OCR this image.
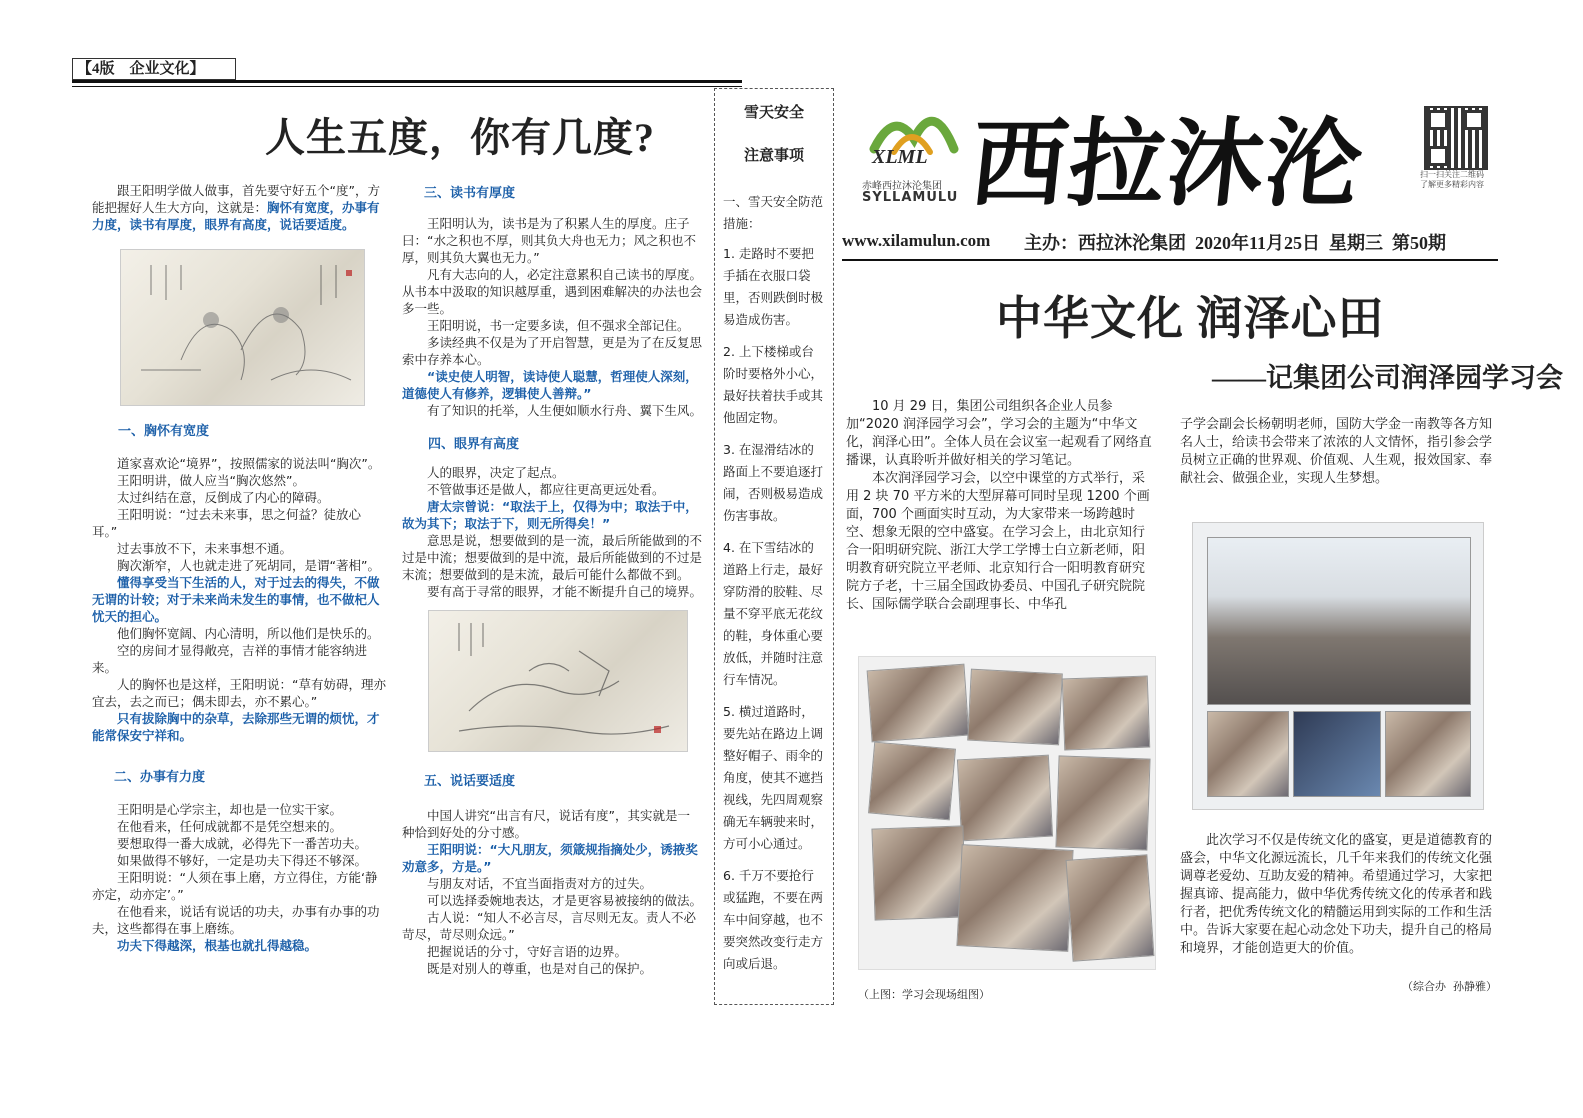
【4版　企业文化】
人生五度，你有几度?

跟王阳明学做人做事，首先要守好五个“度”，方能把握好人生大方向，这就是：胸怀有宽度，办事有力度，读书有厚度，眼界有高度，说话要适度。

一、胸怀有宽度

道家喜欢论“境界”，按照儒家的说法叫“胸次”。

王阳明讲，做人应当“胸次悠然”。

太过纠结在意，反倒成了内心的障碍。

王阳明说：“过去未来事，思之何益？徒放心耳。”

过去事放不下，未来事想不通。

胸次渐窄，人也就走进了死胡同，是谓“著相”。

懂得享受当下生活的人，对于过去的得失，不做无谓的计较；对于未来尚未发生的事情，也不做杞人忧天的担心。

他们胸怀宽阔、内心清明，所以他们是快乐的。

空的房间才显得敞亮，吉祥的事情才能容纳进来。

人的胸怀也是这样，王阳明说：“草有妨碍，理亦宜去，去之而已；偶未即去，亦不累心。”

只有拔除胸中的杂草，去除那些无谓的烦忧，才能常保安宁祥和。

二、办事有力度

王阳明是心学宗主，却也是一位实干家。

在他看来，任何成就都不是凭空想来的。

要想取得一番大成就，必得先下一番苦功夫。

如果做得不够好，一定是功夫下得还不够深。

王阳明说：“人须在事上磨，方立得住，方能‘静亦定，动亦定’。”

在他看来，说话有说话的功夫，办事有办事的功夫，这些都得在事上磨练。

功夫下得越深，根基也就扎得越稳。

三、读书有厚度

王阳明认为，读书是为了积累人生的厚度。庄子曰：“水之积也不厚，则其负大舟也无力；风之积也不厚，则其负大翼也无力。”

凡有大志向的人，必定注意累积自己读书的厚度。从书本中汲取的知识越厚重，遇到困难解决的办法也会多一些。

王阳明说，书一定要多读，但不强求全部记住。

多读经典不仅是为了开启智慧，更是为了在反复思索中存养本心。

“读史使人明智，读诗使人聪慧，哲理使人深刻，道德使人有修养，逻辑使人善辩。”

有了知识的托举，人生便如顺水行舟、翼下生风。

四、眼界有高度

人的眼界，决定了起点。

不管做事还是做人，都应往更高更远处看。

唐太宗曾说：“取法于上，仅得为中；取法于中，故为其下；取法于下，则无所得矣！”

意思是说，想要做到的是一流，最后所能做到的不过是中流；想要做到的是中流，最后所能做到的不过是末流；想要做到的是末流，最后可能什么都做不到。

要有高于寻常的眼界，才能不断提升自己的境界。

五、说话要适度

中国人讲究“出言有尺，说话有度”，其实就是一种恰到好处的分寸感。

王阳明说：“大凡朋友，须箴规指摘处少，诱掖奖劝意多，方是。”

与朋友对话，不宜当面指责对方的过失。

可以选择委婉地表达，才是更容易被接纳的做法。

古人说：“知人不必言尽，言尽则无友。责人不必苛尽，苛尽则众远。”

把握说话的分寸，守好言语的边界。

既是对别人的尊重，也是对自己的保护。

雪天安全
注意事项

一、雪天安全防范措施：

1. 走路时不要把手插在衣服口袋里，否则跌倒时极易造成伤害。

2. 上下楼梯或台阶时要格外小心，最好扶着扶手或其他固定物。

3. 在湿滑结冰的路面上不要追逐打闹，否则极易造成伤害事故。

4. 在下雪结冰的道路上行走，最好穿防滑的胶鞋、尽量不穿平底无花纹的鞋，身体重心要放低，并随时注意行车情况。

5. 横过道路时，要先站在路边上调整好帽子、雨伞的角度，使其不遮挡视线，先四周观察确无车辆驶来时，方可小心通过。

6. 千万不要抢行或猛跑，不要在两车中间穿越，也不要突然改变行走方向或后退。

XLML
赤峰西拉沐沦集团
SYLLAMULU 西拉沐沦	扫一扫关注二维码
了解更多精彩内容
www.xilamulun.com 主办：西拉沐沦集团  2020年11月25日  星期三  第50期
中华文化 润泽心田
——记集团公司润泽园学习会

10 月 29 日，集团公司组织各企业人员参加“2020 润泽园学习会”，学习会的主题为“中华文化，润泽心田”。全体人员在会议室一起观看了网络直播课，认真聆听并做好相关的学习笔记。

本次润泽园学习会，以空中课堂的方式举行，采用 2 块 70 平方米的大型屏幕可同时呈现 1200 个画面，700 个画面实时互动，为大家带来一场跨越时空、想象无限的空中盛宴。在学习会上，由北京知行合一阳明研究院、浙江大学工学博士白立新老师，阳明教育研究院立平老师、北京知行合一阳明教育研究院方子老，十三届全国政协委员、中国孔子研究院院长、国际儒学联合会副理事长、中华孔

（上图：学习会现场组图）

子学会副会长杨朝明老师，国防大学金一南教等各方知名人士，给读书会带来了浓浓的人文情怀，指引参会学员树立正确的世界观、价值观、人生观，报效国家、奉献社会、做强企业，实现人生梦想。

此次学习不仅是传统文化的盛宴，更是道德教育的盛会，中华文化源远流长，几千年来我们的传统文化强调尊老爱幼、互助友爱的精神。希望通过学习，大家把握真谛、提高能力，做中华优秀传统文化的传承者和践行者，把优秀传统文化的精髓运用到实际的工作和生活中。告诉大家要在起心动念处下功夫，提升自己的格局和境界，才能创造更大的价值。

（综合办  孙静雅）
